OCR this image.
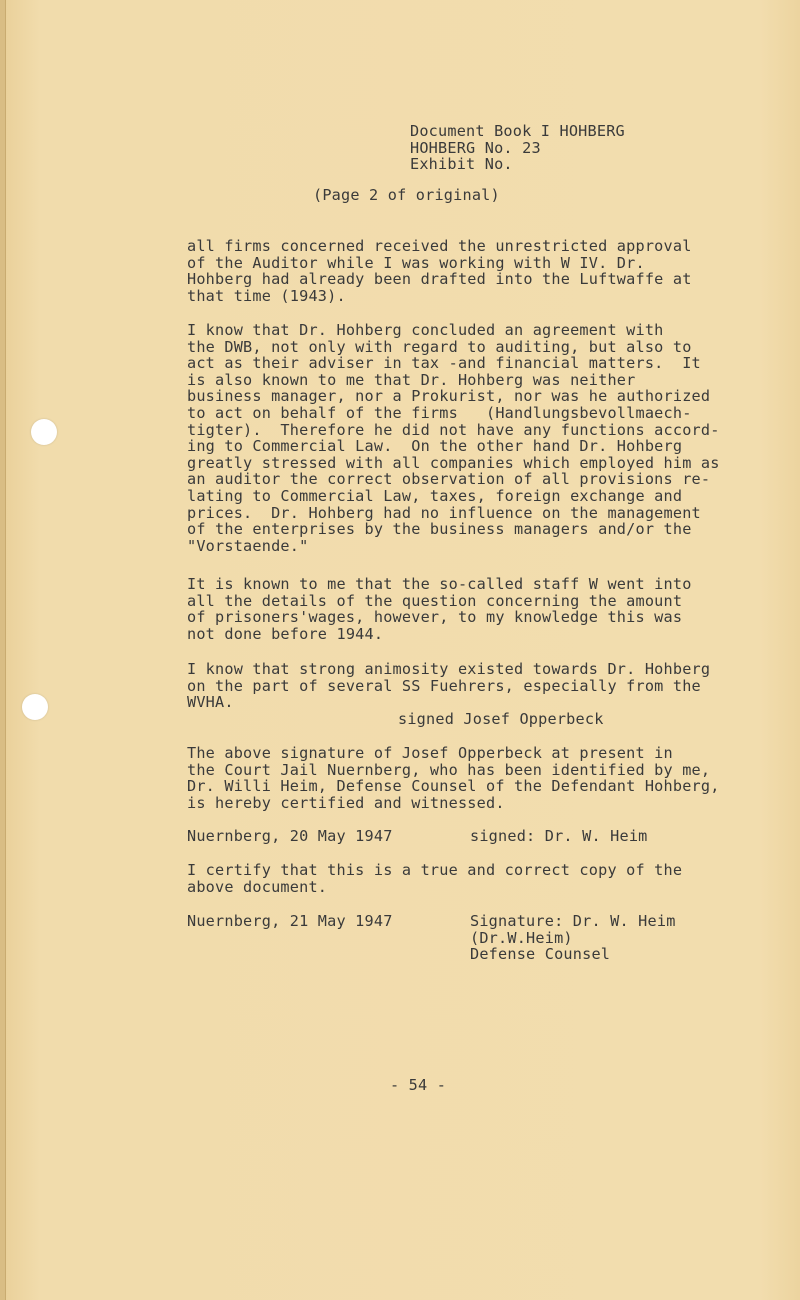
Document Book I HOHBERG
HOHBERG No. 23
Exhibit No.
(Page 2 of original)
all firms concerned received the unrestricted approval
of the Auditor while I was working with W IV. Dr.
Hohberg had already been drafted into the Luftwaffe at
that time (1943).
I know that Dr. Hohberg concluded an agreement with
the DWB, not only with regard to auditing, but also to
act as their adviser in tax -and financial matters.  It
is also known to me that Dr. Hohberg was neither
business manager, nor a Prokurist, nor was he authorized
to act on behalf of the firms   (Handlungsbevollmaech-
tigter).  Therefore he did not have any functions accord-
ing to Commercial Law.  On the other hand Dr. Hohberg
greatly stressed with all companies which employed him as
an auditor the correct observation of all provisions re-
lating to Commercial Law, taxes, foreign exchange and
prices.  Dr. Hohberg had no influence on the management
of the enterprises by the business managers and/or the
"Vorstaende."
It is known to me that the so-called staff W went into
all the details of the question concerning the amount
of prisoners'wages, however, to my knowledge this was
not done before 1944.
I know that strong animosity existed towards Dr. Hohberg
on the part of several SS Fuehrers, especially from the
WVHA.
signed Josef Opperbeck
The above signature of Josef Opperbeck at present in
the Court Jail Nuernberg, who has been identified by me,
Dr. Willi Heim, Defense Counsel of the Defendant Hohberg,
is hereby certified and witnessed.
Nuernberg, 20 May 1947	signed: Dr. W. Heim
I certify that this is a true and correct copy of the
above document.
Nuernberg, 21 May 1947	Signature: Dr. W. Heim
(Dr.W.Heim)
Defense Counsel
- 54 -
